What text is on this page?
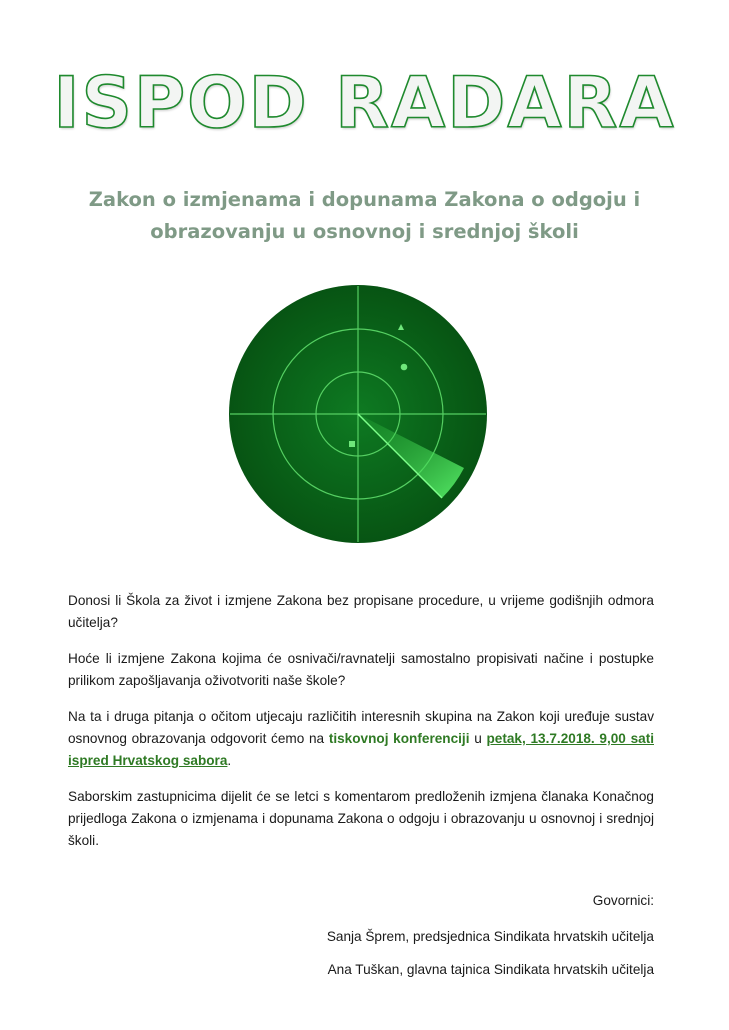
ISPOD RADARA
Zakon o izmjenama i dopunama Zakona o odgoju i obrazovanju u osnovnoj i srednjoj školi

Donosi li Škola za život i izmjene Zakona bez propisane procedure, u vrijeme godišnjih odmora učitelja?

Hoće li izmjene Zakona kojima će osnivači/ravnatelji samostalno propisivati načine i postupke prilikom zapošljavanja oživotvoriti naše škole?

Na ta i druga pitanja o očitom utjecaju različitih interesnih skupina na Zakon koji uređuje sustav osnovnog obrazovanja odgovorit ćemo na tiskovnoj konferenciji u petak, 13.7.2018. 9,00 sati ispred Hrvatskog sabora.

Saborskim zastupnicima dijelit će se letci s komentarom predloženih izmjena članaka Konačnog prijedloga Zakona o izmjenama i dopunama Zakona o odgoju i obrazovanju u osnovnoj i srednjoj školi.

Govornici:
Sanja Šprem, predsjednica Sindikata hrvatskih učitelja
Ana Tuškan, glavna tajnica Sindikata hrvatskih učitelja
